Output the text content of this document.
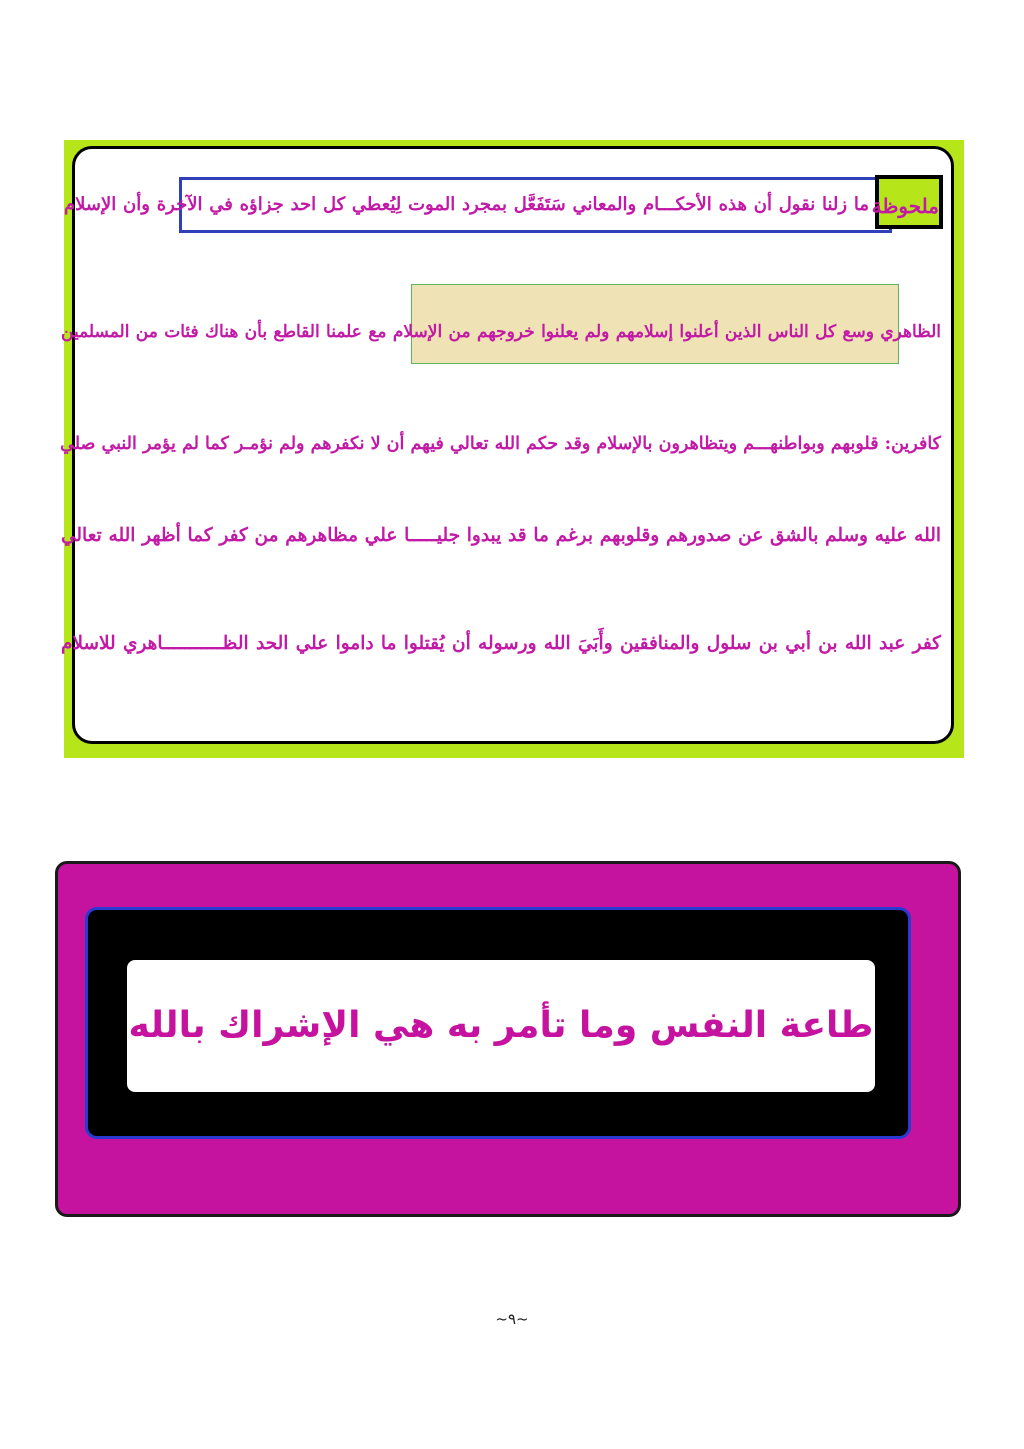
ملحوظة
ما زلنا نقول أن هذه الأحكـــام والمعاني سَتَفَعَّل بمجرد الموت لِيُعطي كل احد جزاؤه في الآخرة وأن الإسلام
الظاهري وسع كل الناس الذين أعلنوا إسلامهم ولم يعلنوا خروجهم من الإسلام مع علمنا القاطع بأن هناك فئات من المسلمين
كافرين: قلوبهم وبواطنهـــم ويتظاهرون بالإسلام وقد حكم الله تعالي فيهم أن لا نكفرهم ولم نؤمـر كما لم يؤمر النبي صلي
الله عليه وسلم بالشق عن صدورهم وقلوبهم برغم ما قد يبدوا جليـــــا علي مظاهرهم من كفر كما أظهر الله تعالي
كفر عبد الله بن أبي بن سلول والمنافقين وأَبَيَ الله ورسوله أن يُقتلوا ما داموا علي الحد الظـــــــــــاهري للاسلام
طاعة النفس وما تأمر به هي الإشراك بالله
~٩~
